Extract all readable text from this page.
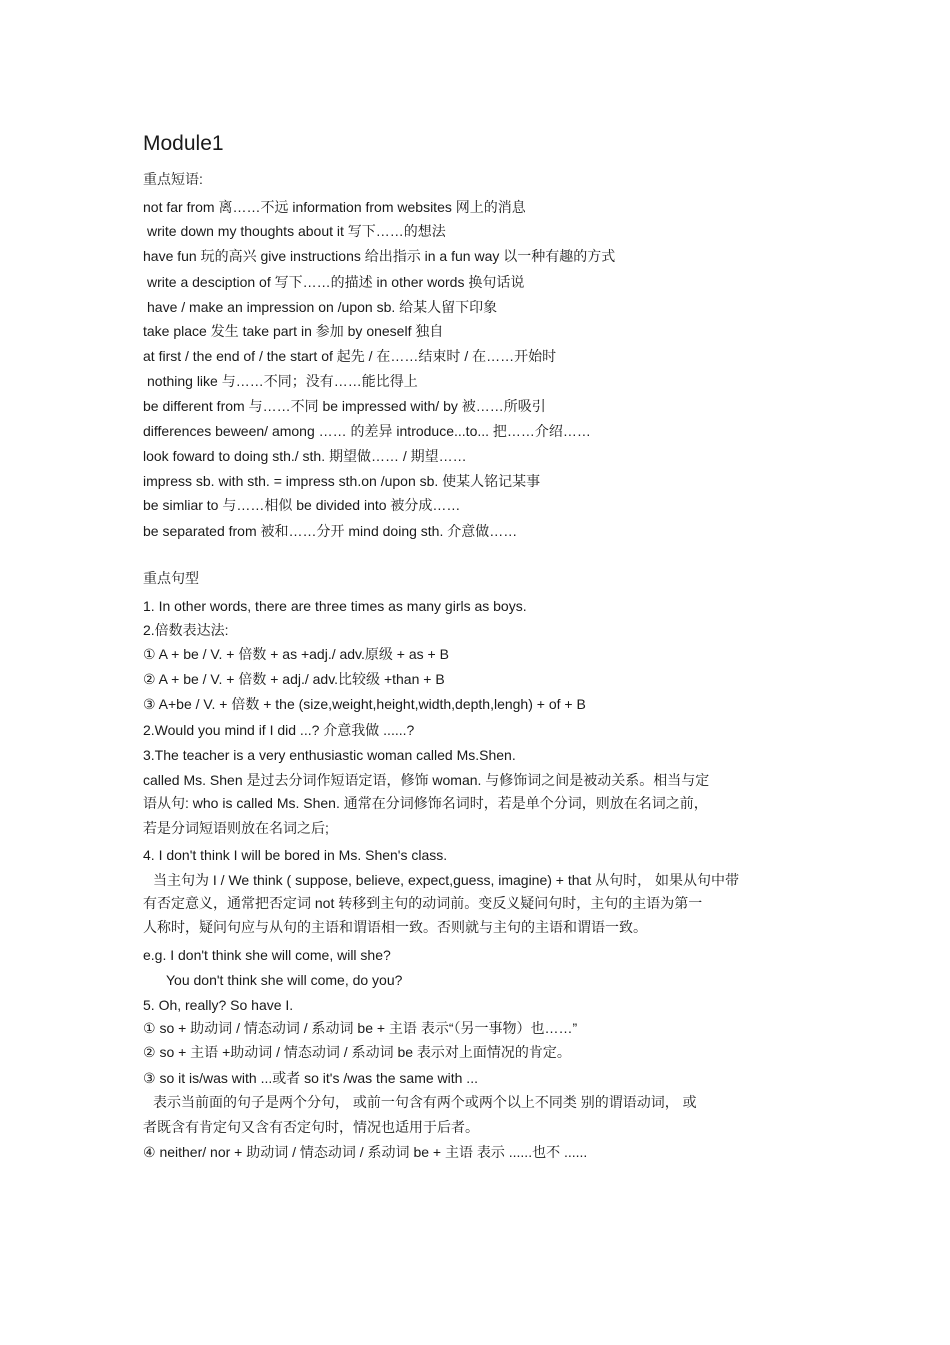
Module1
重点短语:
not far from 离……不远 information from websites 网上的消息
write down my thoughts about it 写下……的想法
have fun 玩的高兴 give instructions 给出指示 in a fun way 以一种有趣的方式
write a desciption of 写下……的描述 in other words 换句话说
have / make an impression on /upon sb. 给某人留下印象
take place 发生 take part in 参加 by oneself 独自
at first / the end of / the start of 起先 / 在……结束时 / 在……开始时
nothing like 与……不同；没有……能比得上
be different from 与……不同 be impressed with/ by 被……所吸引
differences beween/ among …… 的差异 introduce...to... 把……介绍……
look foward to doing sth./ sth. 期望做…… / 期望……
impress sb. with sth. = impress sth.on /upon sb. 使某人铭记某事
be simliar to 与……相似 be divided into 被分成……
be separated from 被和……分开 mind doing sth. 介意做……
重点句型
1. In other words, there are three times as many girls as boys.
2.倍数表达法:
① A + be / V. + 倍数 + as +adj./ adv.原级 + as + B
② A + be / V. + 倍数 + adj./ adv.比较级 +than + B
③ A+be / V. + 倍数 + the (size,weight,height,width,depth,lengh) + of + B
2.Would you mind if I did ...? 介意我做 ......?
3.The teacher is a very enthusiastic woman called Ms.Shen.
called Ms. Shen 是过去分词作短语定语，修饰 woman. 与修饰词之间是被动关系。相当与定
语从句: who is called Ms. Shen. 通常在分词修饰名词时，若是单个分词，则放在名词之前，
若是分词短语则放在名词之后;
4. I don't think I will be bored in Ms. Shen's class.
当主句为 I / We think ( suppose, believe, expect,guess, imagine) + that 从句时， 如果从句中带
有否定意义，通常把否定词 not 转移到主句的动词前。变反义疑问句时，主句的主语为第一
人称时，疑问句应与从句的主语和谓语相一致。否则就与主句的主语和谓语一致。
e.g. I don't think she will come, will she?
You don't think she will come, do you?
5. Oh, really? So have I.
① so + 助动词 / 情态动词 / 系动词 be + 主语 表示“（另一事物）也……”
② so + 主语 +助动词 / 情态动词 / 系动词 be 表示对上面情况的肯定。
③ so it is/was with ...或者 so it's /was the same with ...
表示当前面的句子是两个分句， 或前一句含有两个或两个以上不同类 别的谓语动词， 或
者既含有肯定句又含有否定句时，情况也适用于后者。
④ neither/ nor + 助动词 / 情态动词 / 系动词 be + 主语 表示 ......也不 ......
